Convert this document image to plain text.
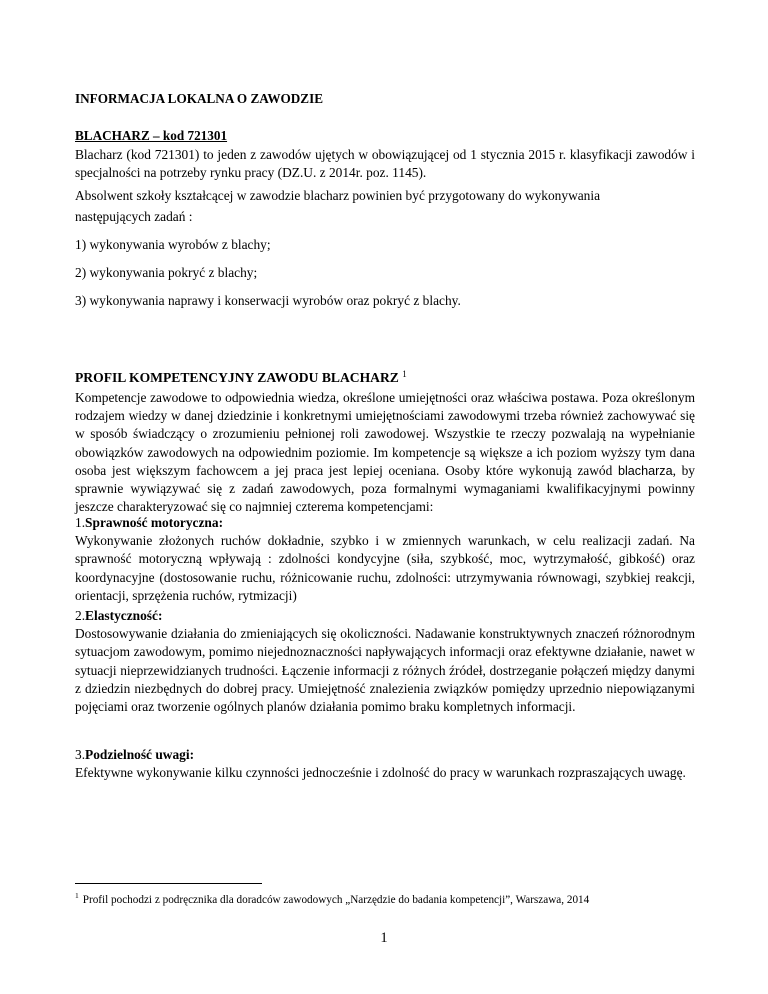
INFORMACJA LOKALNA O ZAWODZIE

BLACHARZ – kod 721301

Blacharz (kod 721301) to jeden z zawodów ujętych w obowiązującej od 1 stycznia 2015 r. klasyfikacji zawodów i specjalności na potrzeby rynku pracy (DZ.U. z 2014r. poz. 1145).

Absolwent szkoły kształcącej w zawodzie blacharz powinien być przygotowany do wykonywania

następujących zadań :

1) wykonywania wyrobów z blachy;

2) wykonywania pokryć z blachy;

3) wykonywania naprawy i konserwacji wyrobów oraz pokryć z blachy.

PROFIL KOMPETENCYJNY ZAWODU BLACHARZ $^1$

Kompetencje zawodowe to odpowiednia wiedza, określone umiejętności oraz właściwa postawa. Poza określonym rodzajem wiedzy w danej dziedzinie i konkretnymi umiejętnościami zawodowymi trzeba również zachowywać się w sposób świadczący o zrozumieniu pełnionej roli zawodowej. Wszystkie te rzeczy pozwalają na wypełnianie obowiązków zawodowych na odpowiednim poziomie. Im kompetencje są większe a ich poziom wyższy tym dana osoba jest większym fachowcem a jej praca jest lepiej oceniana. Osoby które wykonują zawód blacharza, by sprawnie wywiązywać się z zadań zawodowych, poza formalnymi wymaganiami kwalifikacyjnymi powinny jeszcze charakteryzować się co najmniej czterema kompetencjami:

1.Sprawność motoryczna:

Wykonywanie złożonych ruchów dokładnie, szybko i w zmiennych warunkach, w celu realizacji zadań. Na sprawność motoryczną wpływają : zdolności kondycyjne (siła, szybkość, moc, wytrzymałość, gibkość) oraz koordynacyjne (dostosowanie ruchu, różnicowanie ruchu, zdolności: utrzymywania równowagi, szybkiej reakcji, orientacji, sprzężenia ruchów, rytmizacji)

2.Elastyczność:

Dostosowywanie działania do zmieniających się okoliczności. Nadawanie konstruktywnych znaczeń różnorodnym sytuacjom zawodowym, pomimo niejednoznaczności napływających informacji oraz efektywne działanie, nawet w sytuacji nieprzewidzianych trudności. Łączenie informacji z różnych źródeł, dostrzeganie połączeń między danymi z dziedzin niezbędnych do dobrej pracy. Umiejętność znalezienia związków pomiędzy uprzednio niepowiązanymi pojęciami oraz tworzenie ogólnych planów działania pomimo braku kompletnych informacji.

3.Podzielność uwagi:

Efektywne wykonywanie kilku czynności jednocześnie i zdolność do pracy w warunkach rozpraszających uwagę.

$^1$ Profil pochodzi z podręcznika dla doradców zawodowych „Narzędzie do badania kompetencji”, Warszawa, 2014

1
